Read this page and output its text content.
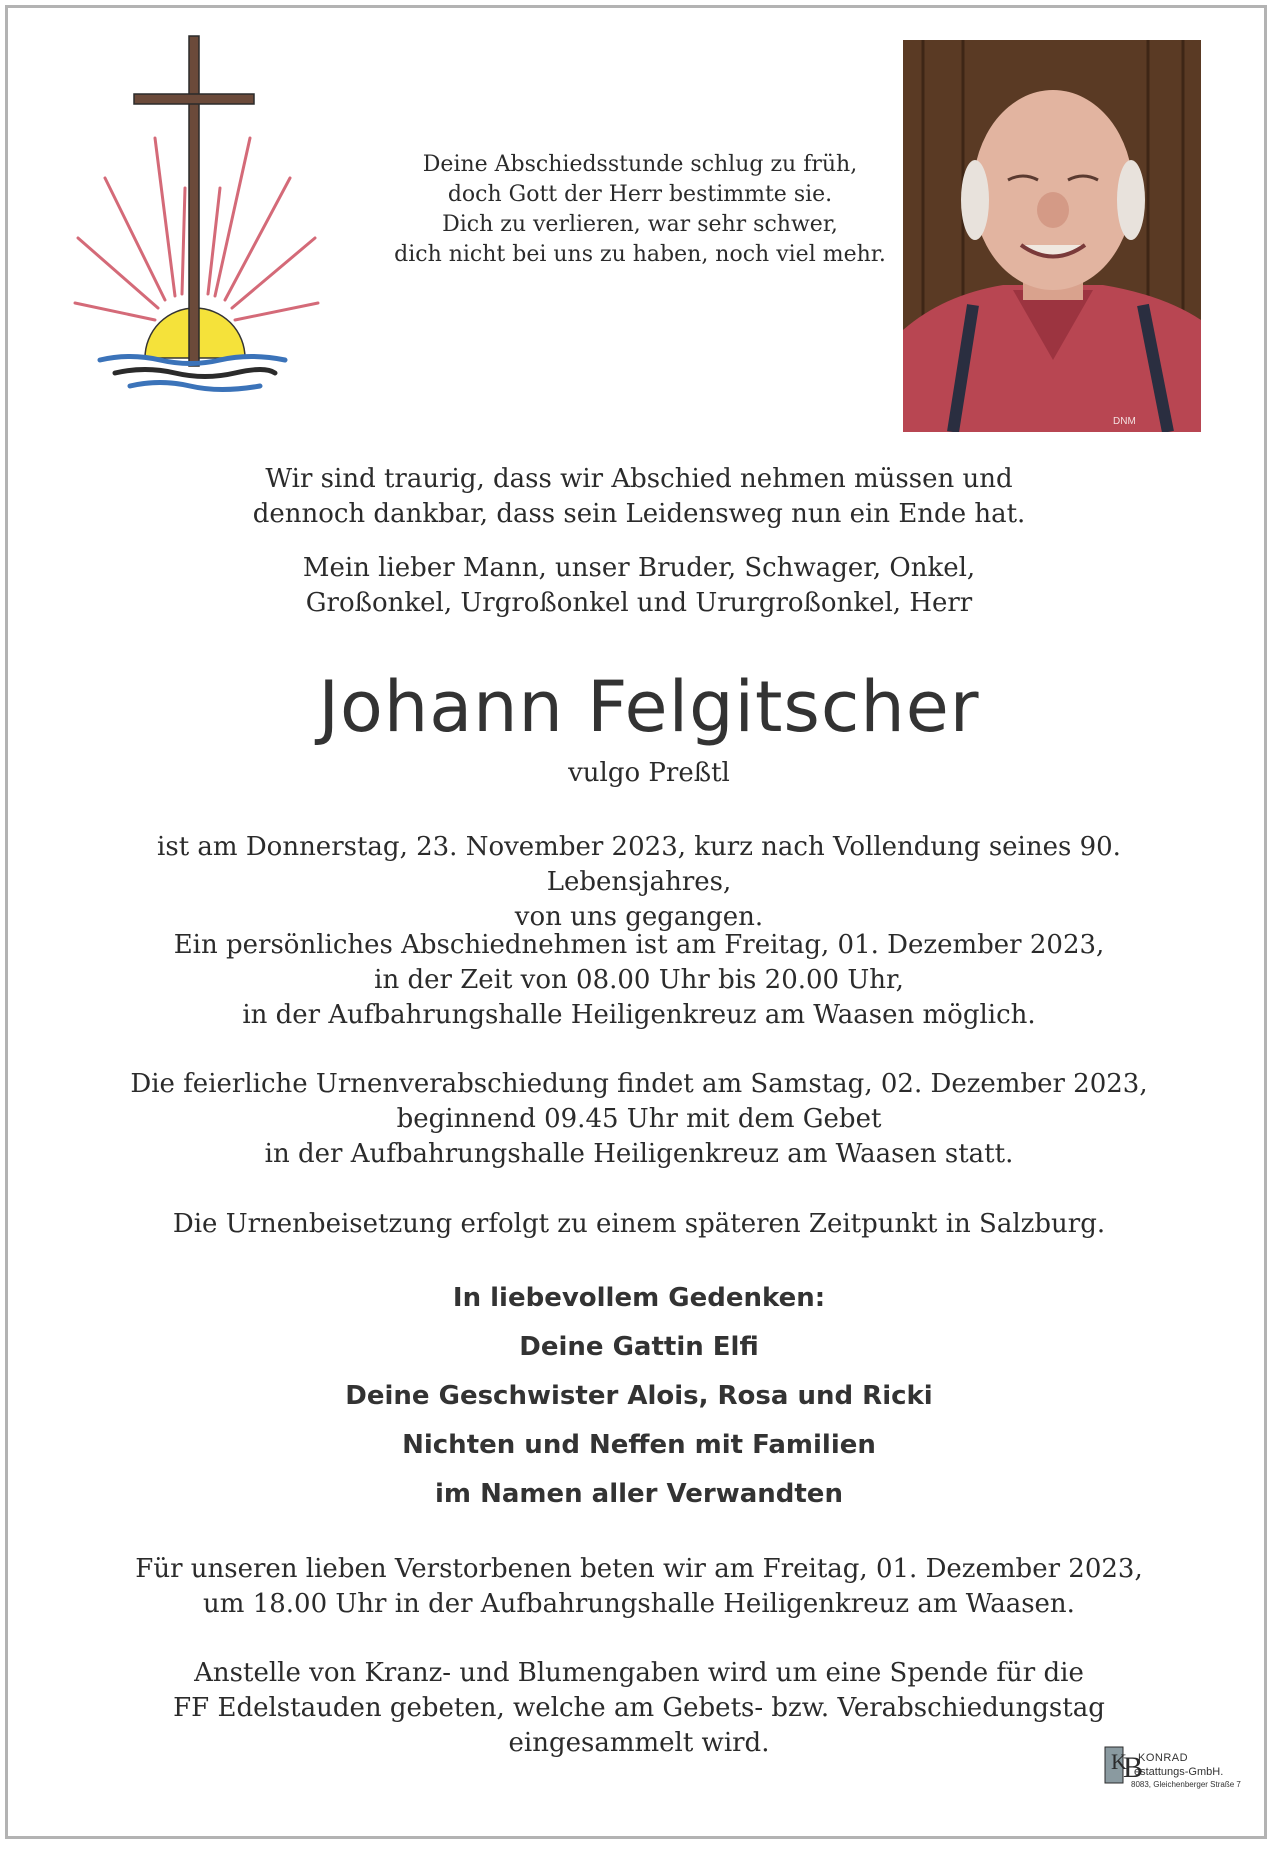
Deine Abschiedsstunde schlug zu früh,
doch Gott der Herr bestimmte sie.
Dich zu verlieren, war sehr schwer,
dich nicht bei uns zu haben, noch viel mehr.
DNM
Wir sind traurig, dass wir Abschied nehmen müssen und
dennoch dankbar, dass sein Leidensweg nun ein Ende hat.
Mein lieber Mann, unser Bruder, Schwager, Onkel,
Großonkel, Urgroßonkel und Ururgroßonkel, Herr
Johann Felgitscher
vulgo Preßtl
ist am Donnerstag, 23. November 2023, kurz nach Vollendung seines 90. Lebensjahres,
von uns gegangen.
Ein persönliches Abschiednehmen ist am Freitag, 01. Dezember 2023,
in der Zeit von 08.00 Uhr bis 20.00 Uhr,
in der Aufbahrungshalle Heiligenkreuz am Waasen möglich.
Die feierliche Urnenverabschiedung findet am Samstag, 02. Dezember 2023,
beginnend 09.45 Uhr mit dem Gebet
in der Aufbahrungshalle Heiligenkreuz am Waasen statt.
Die Urnenbeisetzung erfolgt zu einem späteren Zeitpunkt in Salzburg.
In liebevollem Gedenken:
Deine Gattin Elfi
Deine Geschwister Alois, Rosa und Ricki
Nichten und Neffen mit Familien
im Namen aller Verwandten
Für unseren lieben Verstorbenen beten wir am Freitag, 01. Dezember 2023,
um 18.00 Uhr in der Aufbahrungshalle Heiligenkreuz am Waasen.
Anstelle von Kranz- und Blumengaben wird um eine Spende für die
FF Edelstauden gebeten, welche am Gebets- bzw. Verabschiedungstag
eingesammelt wird.
B
K KONRAD
estattungs-GmbH.
8083, Gleichenberger Straße 7
